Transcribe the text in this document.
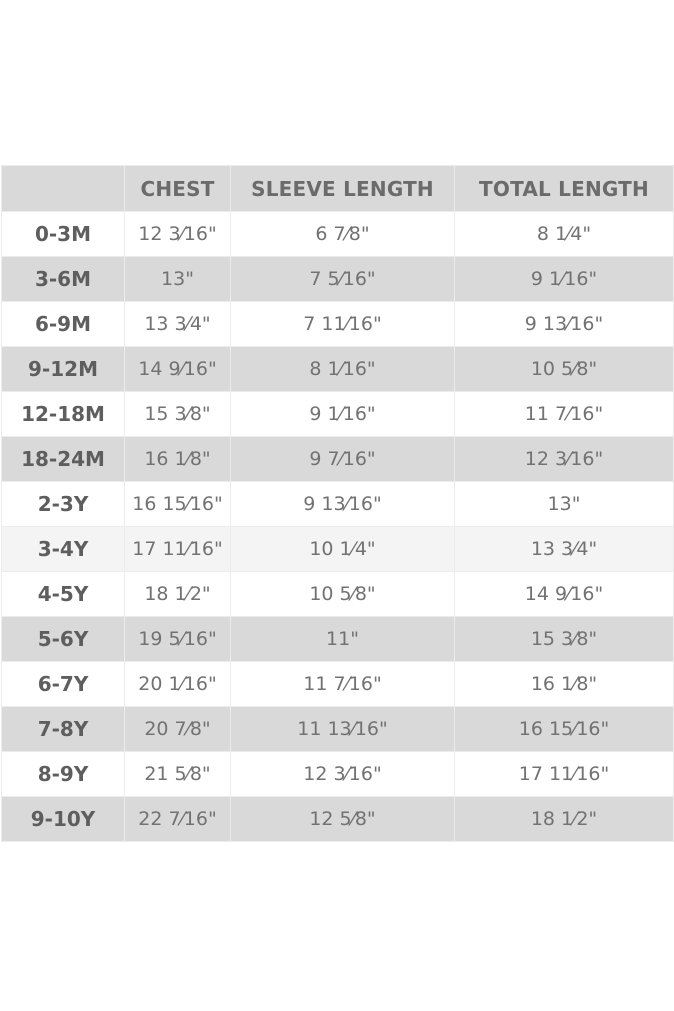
	CHEST	SLEEVE LENGTH	TOTAL LENGTH
0-3M	12 3⁄16"	6 7⁄8"	8 1⁄4"
3-6M	13"	7 5⁄16"	9 1⁄16"
6-9M	13 3⁄4"	7 11⁄16"	9 13⁄16"
9-12M	14 9⁄16"	8 1⁄16"	10 5⁄8"
12-18M	15 3⁄8"	9 1⁄16"	11 7⁄16"
18-24M	16 1⁄8"	9 7⁄16"	12 3⁄16"
2-3Y	16 15⁄16"	9 13⁄16"	13"
3-4Y	17 11⁄16"	10 1⁄4"	13 3⁄4"
4-5Y	18 1⁄2"	10 5⁄8"	14 9⁄16"
5-6Y	19 5⁄16"	11"	15 3⁄8"
6-7Y	20 1⁄16"	11 7⁄16"	16 1⁄8"
7-8Y	20 7⁄8"	11 13⁄16"	16 15⁄16"
8-9Y	21 5⁄8"	12 3⁄16"	17 11⁄16"
9-10Y	22 7⁄16"	12 5⁄8"	18 1⁄2"
